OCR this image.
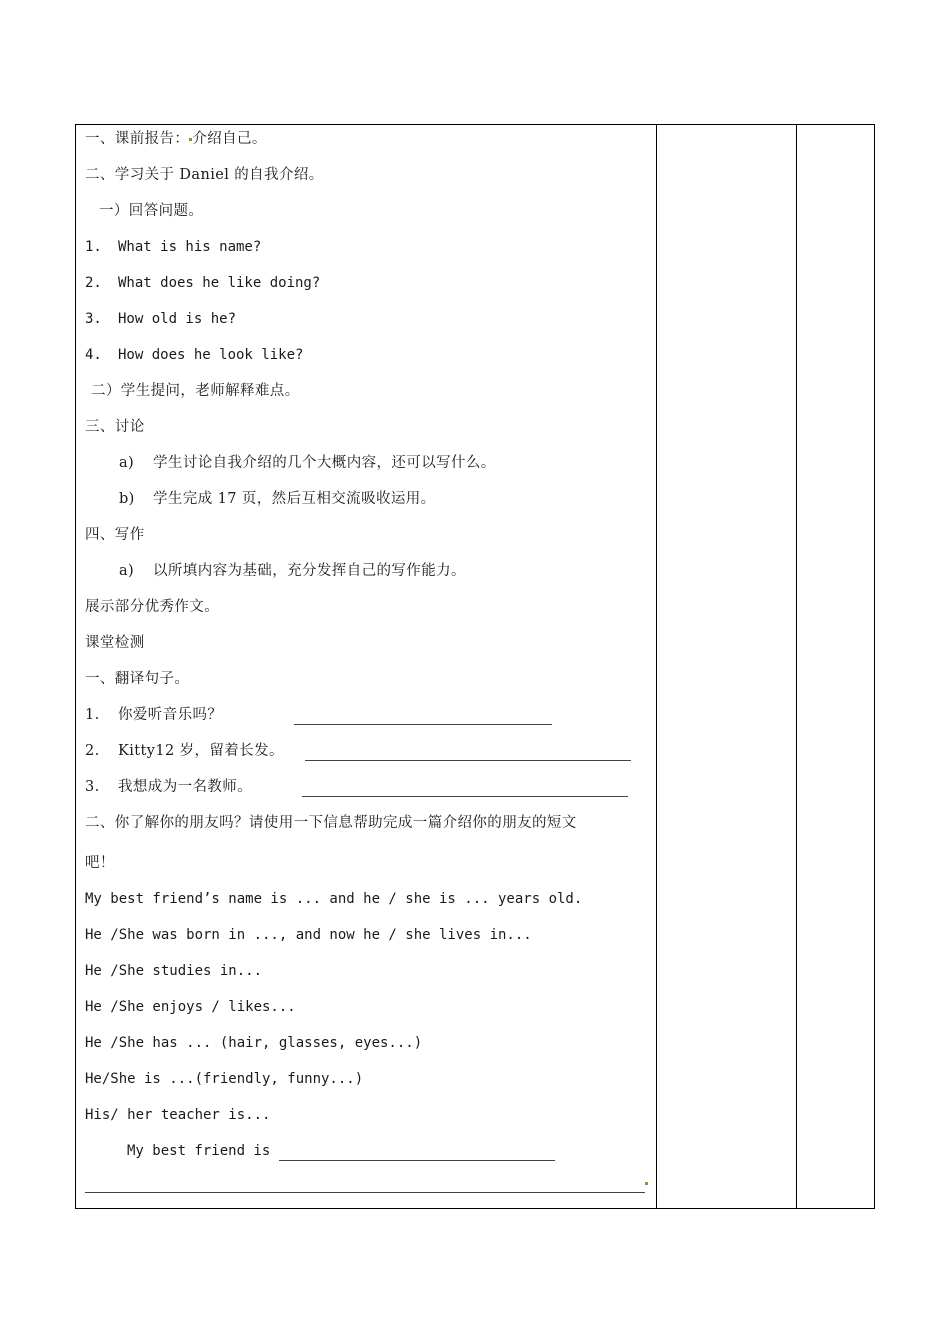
一、课前报告： 介绍自己。
二、学习关于 Daniel 的自我介绍。
一）回答问题。
1. What is his name?
2. What does he like doing?
3. How old is he?
4. How does he look like?
二）学生提问，老师解释难点。
三、讨论
a) 学生讨论自我介绍的几个大概内容，还可以写什么。
b) 学生完成 17 页，然后互相交流吸收运用。
四、写作
a) 以所填内容为基础，充分发挥自己的写作能力。
展示部分优秀作文。
课堂检测
一、翻译句子。
1. 你爱听音乐吗？
2. Kitty12 岁，留着长发。
3. 我想成为一名教师。
二、你了解你的朋友吗？请使用一下信息帮助完成一篇介绍你的朋友的短文
吧！
My best friend’s name is ... and he / she is ... years old.
He /She was born in ..., and now he / she lives in...
He /She studies in...
He /She enjoys / likes...
He /She has ... (hair, glasses, eyes...)
He/She is ...(friendly, funny...)
His/ her teacher is...
My best friend is
